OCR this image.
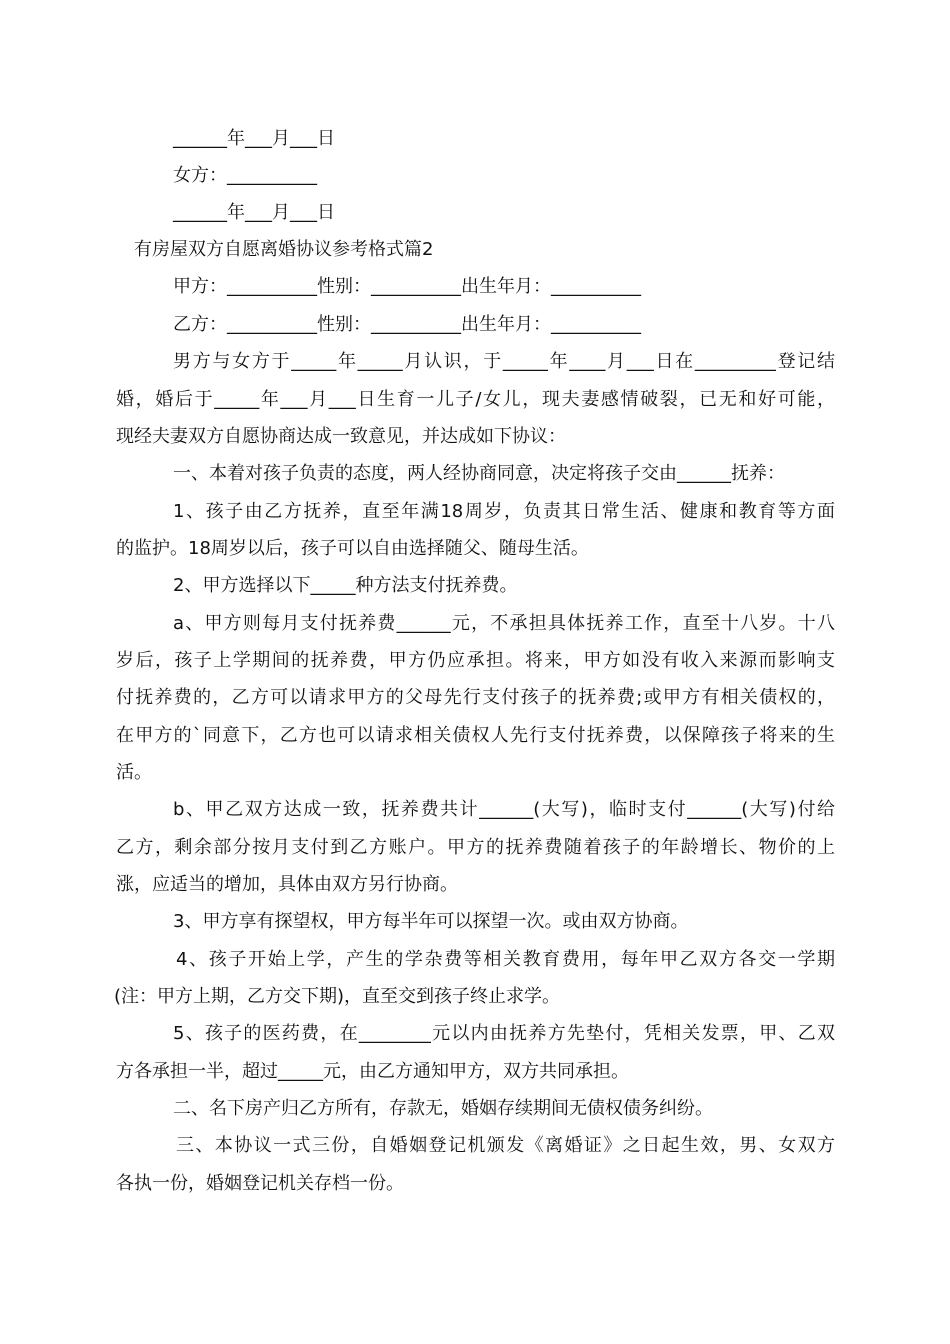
______年___月___日
女方：__________
______年___月___日
有房屋双方自愿离婚协议参考格式篇2
甲方：__________性别：__________出生年月：__________
乙方：__________性别：__________出生年月：__________
男方与女方于_____年_____月认识，于_____年____月___日在_________登记结
婚，婚后于_____年___月___日生育一儿子/女儿，现夫妻感情破裂，已无和好可能，
现经夫妻双方自愿协商达成一致意见，并达成如下协议：
一、本着对孩子负责的态度，两人经协商同意，决定将孩子交由______抚养：
1、孩子由乙方抚养，直至年满18周岁，负责其日常生活、健康和教育等方面
的监护。18周岁以后，孩子可以自由选择随父、随母生活。
2、甲方选择以下_____种方法支付抚养费。
a、甲方则每月支付抚养费______元，不承担具体抚养工作，直至十八岁。十八
岁后，孩子上学期间的抚养费，甲方仍应承担。将来，甲方如没有收入来源而影响支
付抚养费的，乙方可以请求甲方的父母先行支付孩子的抚养费;或甲方有相关债权的，
在甲方的`同意下，乙方也可以请求相关债权人先行支付抚养费，以保障孩子将来的生
活。
b、甲乙双方达成一致，抚养费共计______(大写)，临时支付______(大写)付给
乙方，剩余部分按月支付到乙方账户。甲方的抚养费随着孩子的年龄增长、物价的上
涨，应适当的增加，具体由双方另行协商。
3、甲方享有探望权，甲方每半年可以探望一次。或由双方协商。
4、孩子开始上学，产生的学杂费等相关教育费用，每年甲乙双方各交一学期
(注：甲方上期，乙方交下期)，直至交到孩子终止求学。
5、孩子的医药费，在________元以内由抚养方先垫付，凭相关发票，甲、乙双
方各承担一半，超过_____元，由乙方通知甲方，双方共同承担。
二、名下房产归乙方所有，存款无，婚姻存续期间无债权债务纠纷。
三、本协议一式三份，自婚姻登记机颁发《离婚证》之日起生效，男、女双方
各执一份，婚姻登记机关存档一份。
